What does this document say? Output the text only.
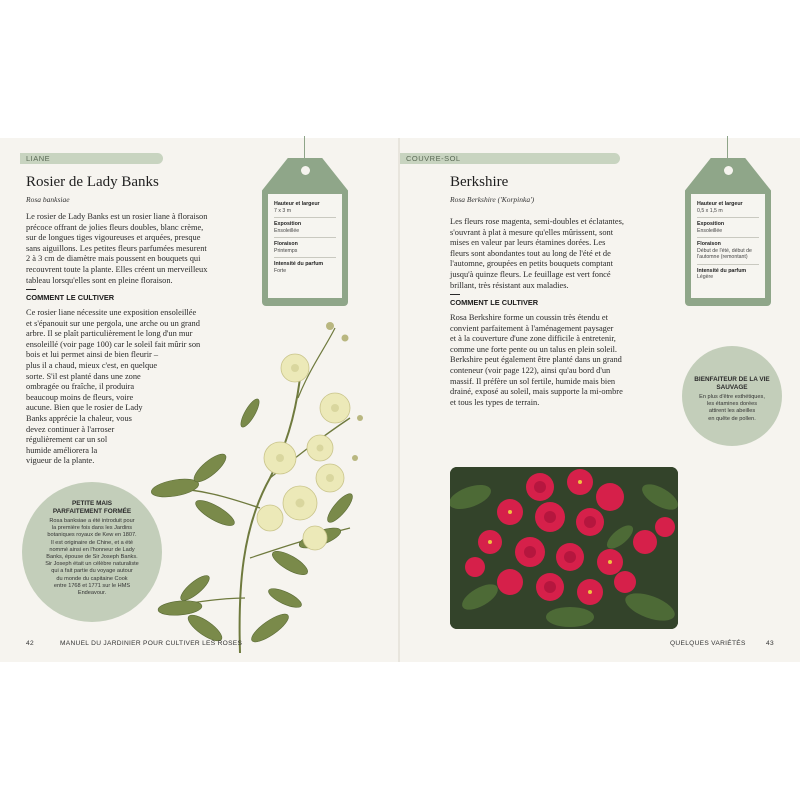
LIANE
Rosier de Lady Banks
Rosa banksiae
Le rosier de Lady Banks est un rosier liane à floraison
précoce offrant de jolies fleurs doubles, blanc crème,
sur de longues tiges vigoureuses et arquées, presque
sans aiguillons. Les petites fleurs parfumées mesurent
2 à 3 cm de diamètre mais poussent en bouquets qui
recouvrent toute la plante. Elles créent un merveilleux
tableau lorsqu'elles sont en pleine floraison.
COMMENT LE CULTIVER
Ce rosier liane nécessite une exposition ensoleillée
et s'épanouit sur une pergola, une arche ou un grand
arbre. Il se plaît particulièrement le long d'un mur
ensoleillé (voir page 100) car le soleil fait mûrir son
bois et lui permet ainsi de bien fleurir –
plus il a chaud, mieux c'est, en quelque
sorte. S'il est planté dans une zone
ombragée ou fraîche, il produira
beaucoup moins de fleurs, voire
aucune. Bien que le rosier de Lady
Banks apprécie la chaleur, vous
devez continuer à l'arroser
régulièrement car un sol
humide améliorera la
vigueur de la plante.
Hauteur et largeur
7 x 3 m
Exposition
Ensoleillée
Floraison
Printemps
Intensité du parfum
Forte
PETITE MAIS
PARFAITEMENT FORMÉE
Rosa banksiae a été introduit pour
la première fois dans les Jardins
botaniques royaux de Kew en 1807.
Il est originaire de Chine, et a été
nommé ainsi en l'honneur de Lady
Banks, épouse de Sir Joseph Banks.
Sir Joseph était un célèbre naturaliste
qui a fait partie du voyage autour
du monde du capitaine Cook
entre 1768 et 1771 sur le HMS
Endeavour.
42	MANUEL DU JARDINIER POUR CULTIVER LES ROSES
COUVRE-SOL
Berkshire
Rosa Berkshire ('Korpinka')
Les fleurs rose magenta, semi-doubles et éclatantes,
s'ouvrant à plat à mesure qu'elles mûrissent, sont
mises en valeur par leurs étamines dorées. Les
fleurs sont abondantes tout au long de l'été et de
l'automne, groupées en petits bouquets comptant
jusqu'à quinze fleurs. Le feuillage est vert foncé
brillant, très résistant aux maladies.
COMMENT LE CULTIVER
Rosa Berkshire forme un coussin très étendu et
convient parfaitement à l'aménagement paysager
et à la couverture d'une zone difficile à entretenir,
comme une forte pente ou un talus en plein soleil.
Berkshire peut également être planté dans un grand
conteneur (voir page 122), ainsi qu'au bord d'un
massif. Il préfère un sol fertile, humide mais bien
drainé, exposé au soleil, mais supporte la mi-ombre
et tous les types de terrain.
Hauteur et largeur
0,5 x 1,5 m
Exposition
Ensoleillée
Floraison
Début de l'été, début de l'automne (remontant)
Intensité du parfum
Légère
BIENFAITEUR DE LA VIE
SAUVAGE
En plus d'être esthétiques,
les étamines dorées
attirent les abeilles
en quête de pollen.
QUELQUES VARIÉTÉS	43
